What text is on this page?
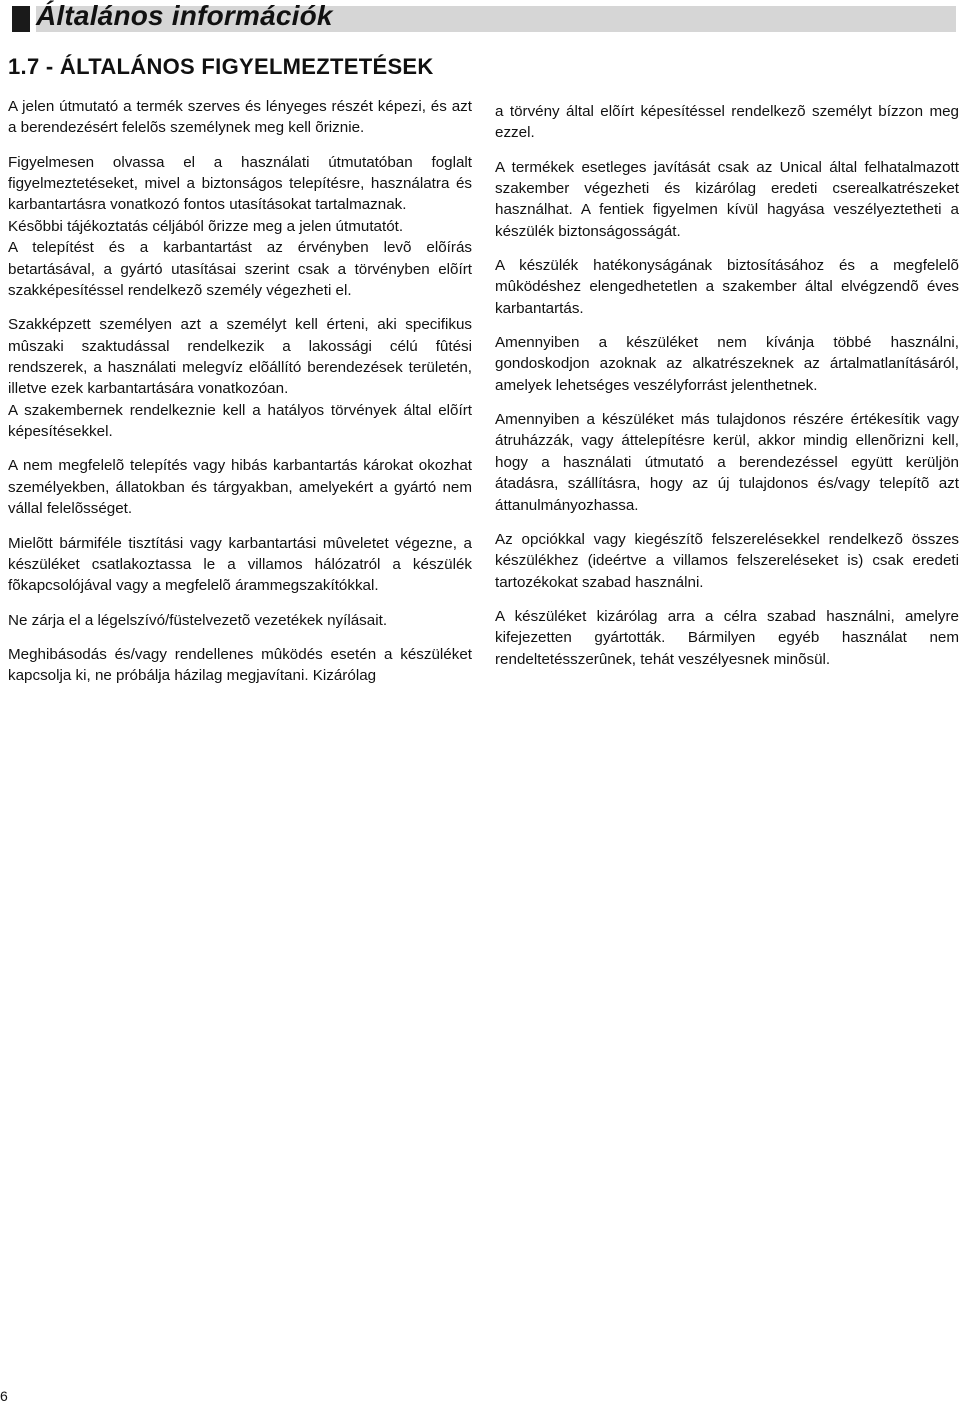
Általános információk
1.7 - ÁLTALÁNOS FIGYELMEZTETÉSEK

A jelen útmutató a termék szerves és lényeges részét képezi, és azt a berendezésért felelõs személynek meg kell õriznie.

Figyelmesen olvassa el a használati útmutatóban foglalt figyelmeztetéseket, mivel a biztonságos telepítésre, használatra és karbantartásra vonatkozó fontos utasításokat tartalmaznak.

Késõbbi tájékoztatás céljából õrizze meg a jelen útmutatót.

A telepítést és a karbantartást az érvényben levõ elõírás betartásával, a gyártó utasításai szerint csak a törvényben elõírt szakképesítéssel rendelkezõ személy végezheti el.

Szakképzett személyen azt a személyt kell érteni, aki specifikus mûszaki szaktudással rendelkezik a lakossági célú fûtési rendszerek, a használati melegvíz elõállító berendezések területén, illetve ezek karbantartására vonatkozóan.

A szakembernek rendelkeznie kell a hatályos törvények által elõírt képesítésekkel.

A nem megfelelõ telepítés vagy hibás karbantartás károkat okozhat személyekben, állatokban és tárgyakban, amelyekért a gyártó nem vállal felelõsséget.

Mielõtt bármiféle tisztítási vagy karbantartási mûveletet végezne, a készüléket csatlakoztassa le a villamos hálózatról a készülék fõkapcsolójával vagy a megfelelõ árammegszakítókkal.

Ne zárja el a légelszívó/füstelvezetõ vezetékek nyílásait.

Meghibásodás és/vagy rendellenes mûködés esetén a készüléket kapcsolja ki, ne próbálja házilag megjavítani. Kizárólag

a törvény által elõírt képesítéssel rendelkezõ személyt bízzon meg ezzel.

A termékek esetleges javítását csak az Unical által felhatalmazott szakember végezheti és kizárólag eredeti cserealkatrészeket használhat. A fentiek figyelmen kívül hagyása veszélyeztetheti a készülék biztonságosságát.

A készülék hatékonyságának biztosításához és a megfelelõ mûködéshez elengedhetetlen a szakember által elvégzendõ éves karbantartás.

Amennyiben a készüléket nem kívánja többé használni, gondoskodjon azoknak az alkatrészeknek az ártalmatlanításáról, amelyek lehetséges veszélyforrást jelenthetnek.

Amennyiben a készüléket más tulajdonos részére értékesítik vagy átruházzák, vagy áttelepítésre kerül, akkor mindig ellenõrizni kell, hogy a használati útmutató a berendezéssel együtt kerüljön átadásra, szállításra, hogy az új tulajdonos és/vagy telepítõ azt áttanulmányozhassa.

Az opciókkal vagy kiegészítõ felszerelésekkel rendelkezõ összes készülékhez (ideértve a villamos felszereléseket is) csak eredeti tartozékokat szabad használni.

A készüléket kizárólag arra a célra szabad használni, amelyre kifejezetten gyártották. Bármilyen egyéb használat nem rendeltetésszerûnek, tehát veszélyesnek minõsül.

6
